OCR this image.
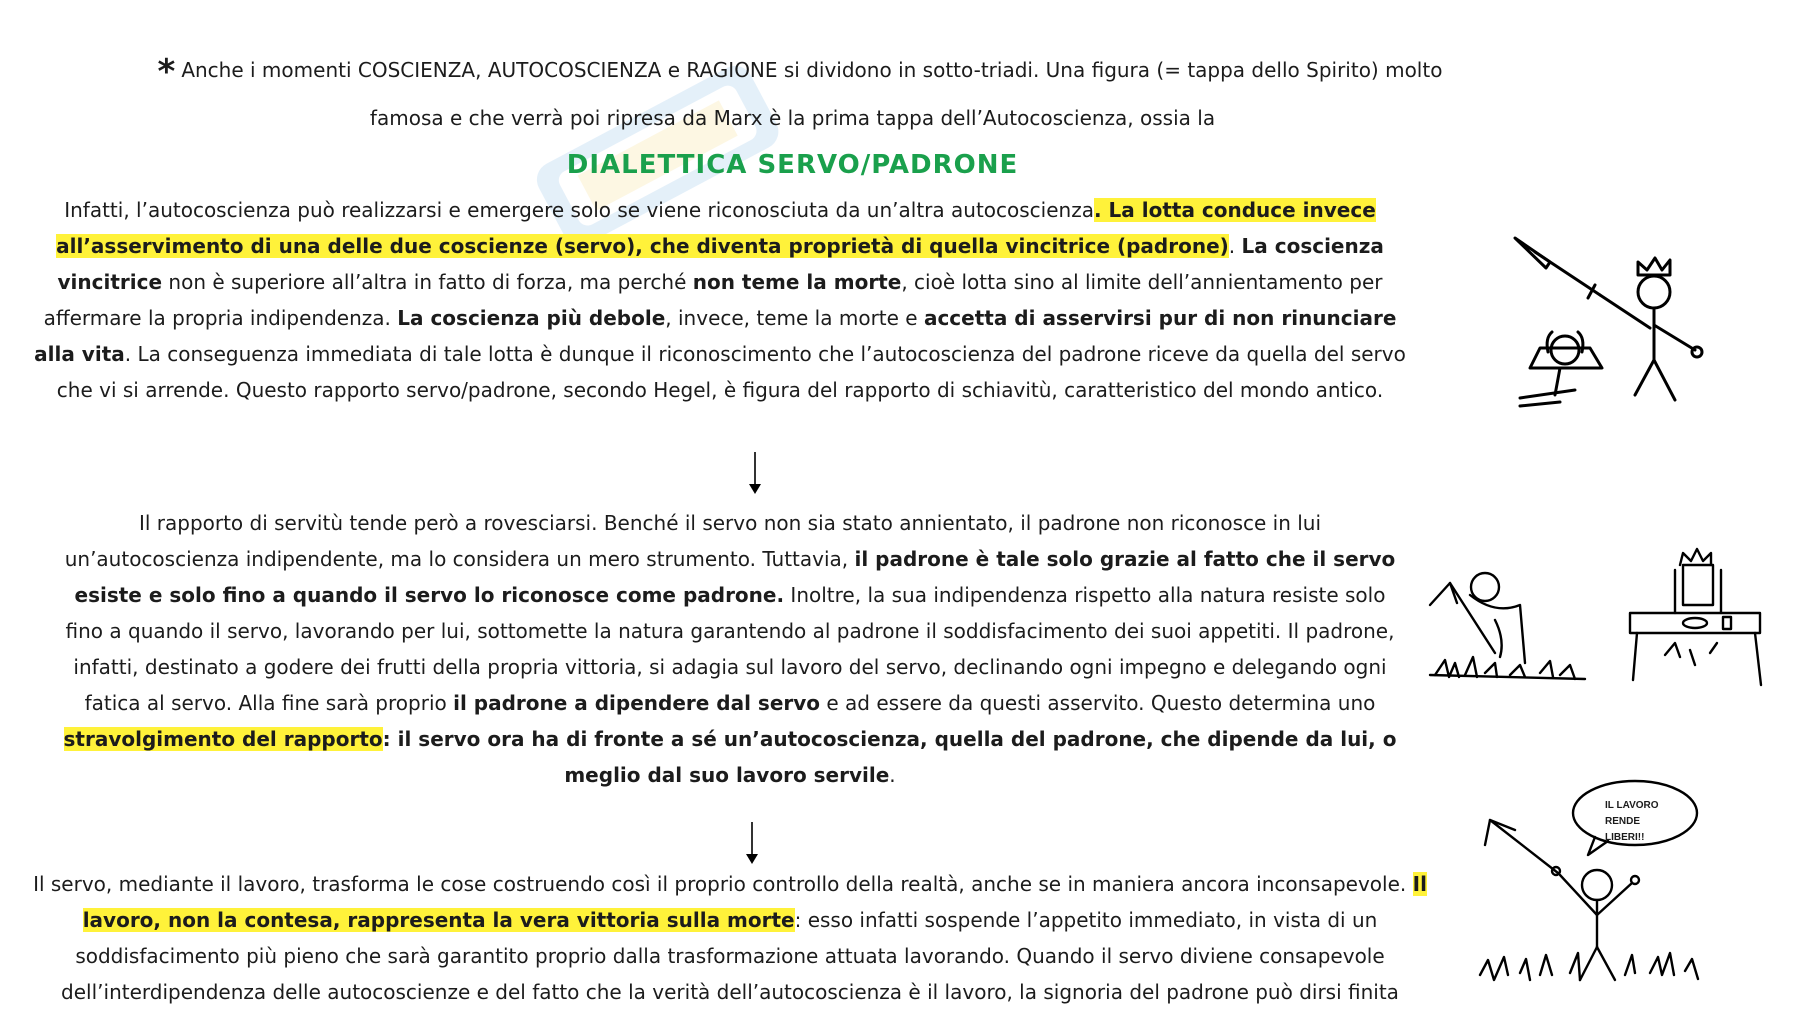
* Anche i momenti COSCIENZA, AUTOCOSCIENZA e RAGIONE si dividono in sotto-triadi. Una figura (= tappa dello Spirito) molto
famosa e che verrà poi ripresa da Marx è la prima tappa dell’Autocoscienza, ossia la
DIALETTICA SERVO/PADRONE
Infatti, l’autocoscienza può realizzarsi e emergere solo se viene riconosciuta da un’altra autocoscienza. La lotta conduce invece all’asservimento di una delle due coscienze (servo), che diventa proprietà di quella vincitrice (padrone). La coscienza vincitrice non è superiore all’altra in fatto di forza, ma perché non teme la morte, cioè lotta sino al limite dell’annientamento per affermare la propria indipendenza. La coscienza più debole, invece, teme la morte e accetta di asservirsi pur di non rinunciare alla vita. La conseguenza immediata di tale lotta è dunque il riconoscimento che l’autocoscienza del padrone riceve da quella del servo che vi si arrende. Questo rapporto servo/padrone, secondo Hegel, è figura del rapporto di schiavitù, caratteristico del mondo antico.
Il rapporto di servitù tende però a rovesciarsi. Benché il servo non sia stato annientato, il padrone non riconosce in lui un’autocoscienza indipendente, ma lo considera un mero strumento. Tuttavia, il padrone è tale solo grazie al fatto che il servo esiste e solo fino a quando il servo lo riconosce come padrone. Inoltre, la sua indipendenza rispetto alla natura resiste solo fino a quando il servo, lavorando per lui, sottomette la natura garantendo al padrone il soddisfacimento dei suoi appetiti. Il padrone, infatti, destinato a godere dei frutti della propria vittoria, si adagia sul lavoro del servo, declinando ogni impegno e delegando ogni fatica al servo. Alla fine sarà proprio il padrone a dipendere dal servo e ad essere da questi asservito. Questo determina uno stravolgimento del rapporto: il servo ora ha di fronte a sé un’autocoscienza, quella del padrone, che dipende da lui, o meglio dal suo lavoro servile.
Il servo, mediante il lavoro, trasforma le cose costruendo così il proprio controllo della realtà, anche se in maniera ancora inconsapevole. Il lavoro, non la contesa, rappresenta la vera vittoria sulla morte: esso infatti sospende l’appetito immediato, in vista di un soddisfacimento più pieno che sarà garantito proprio dalla trasformazione attuata lavorando. Quando il servo diviene consapevole dell’interdipendenza delle autocoscienze e del fatto che la verità dell’autocoscienza è il lavoro, la signoria del padrone può dirsi finita
IL LAVORO
RENDE LIBERI!!
